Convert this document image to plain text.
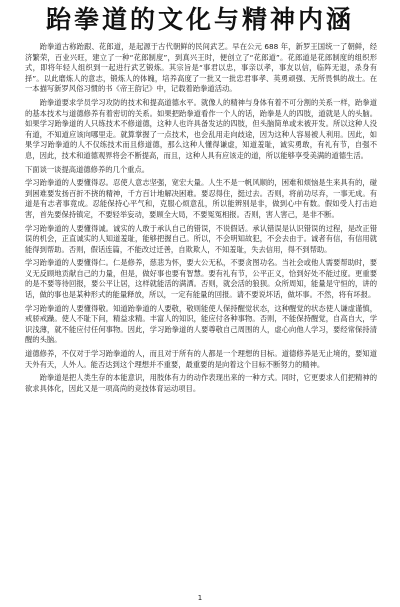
跆拳道的文化与精神内涵

跆拳道古称跆跟、花郎道，是起源于古代朝鲜的民间武艺。早在公元 688 年，新罗王国统一了朝鲜，经济繁荣，百业兴旺，建立了一种“花郎制度”，到真兴王时，便创立了“花郎道”。花郎道是花郎制度的组织形式，即将年轻人组织到一起进行武艺锻炼。其宗旨是“事君以忠，事亲以孝，事友以信，临阵无退，杀身有择”。以此磨炼人的意志，锻炼人的体魄，培养高度了一批又一批忠君事孝、英勇顽强、无所畏惧的战士。在一本描写新罗风俗习惯的书《帝王韵记》中，记载着跆拳道活动。

跆拳道要求学员学习攻防的技术和提高道德水平。就像人的精神与身体有着不可分割的关系一样，跆拳道的基本技术与道德修养有着密切的关系。如果把跆拳道看作一个人的话，跆拳是人的四肢，道就是人的头脑。如果学习跆拳道的人只练技术不修道德，这种人也许具备发达的四肢，但头脑简单或未被开发。所以这种人没有道，不知道应该向哪里走。就算掌握了一点技术，也会乱用走向歧途，因为这种人容易被人利用。因此，如果学习跆拳道的人不仅练技术而且修道德，那么这种人懂得谦虚，知道羞耻，诚实勇敢，有礼有节，自强不息，因此，技术和道德观界将会不断提高，而且，这种人具有应该走的道，所以能够享受美满的道德生活。

下面谈一谈提高道德修养的几个重点。

学习跆拳道的人要懂得忍。忍使人意志坚强，宽宏大量。人生不是一帆风顺的，困难和烦恼是生来具有的，碰到困难要发扬百折不挠的精神，千方百计地解决困难。要忍得住，挺过去。否则，将前功尽弃，一事无成。有道是有志者事竟成。忍能保持心平气和，克服心烦意乱，所以能辨别是非，做到心中有数。假如受人打击迫害，首先要保持镇定，不要轻举妄动，要顾全大局，不要冤冤相报。否则，害人害己，是非不断。

学习跆拳道的人要懂得诚。诚实的人敢于承认自己的错误，不说假话。承认错误是认识错误的过程，是改正错误的机会，正直诚实的人知道羞耻，能够把握自己。所以，不会明知故犯，不会去由于。诚者有信，有信用就能得到帮助。否则，假话连篇，不能改过迁善，自欺欺人，不知羞耻，失去信用，得不到帮助。

学习跆拳道的人要懂得仁。仁是修养，慈悲为怀，要大公无私，不要贪图功名。当社会或他人需要帮助时，要义无反顾地贡献自己的力量，但是，做好事也要有智慧。要有礼有节，公平正义，恰到好处不能过度。更重要的是不要等待回报，要公平让居，这样就能活的满洒。否则，就会活的狼狈。众所周知，能量是守恒的，讲的话，做的事也是某种形式的能量释放，所以，一定有能量的回报。请不要说坏话，做坏事。不然，将有坏报。

学习跆拳道的人要懂得敬。知道跆拳道的人要敬，敬则能使人保持醒觉状态，这种醒觉的状态使人谦虚谨慎，戒骄戒躁。使人不耻下问，精益求精。丰富人的知识，能应付各种事物。否则，不能保持醒觉，自高自大，学识浅薄，就不能应付任何事物。因此，学习跆拳道的人要尊敬自己周围的人，虚心向他人学习，要经常保持清醒的头脑。

道德修养，不仅对于学习跆拳道的人，而且对于所有的人都是一个理想的目标。道德修养是无止境的，要知道天外有天，人外人。能否达到这个理想并不重要，最重要的是向着这个目标不断努力的精神。

跆拳道是把人类生存的本能意识，用肢体有力的动作表现出来的一种方式。同时，它更要求人们把精神的欲求具体化，因此又是一项高尚的竞技体育运动项目。

1
